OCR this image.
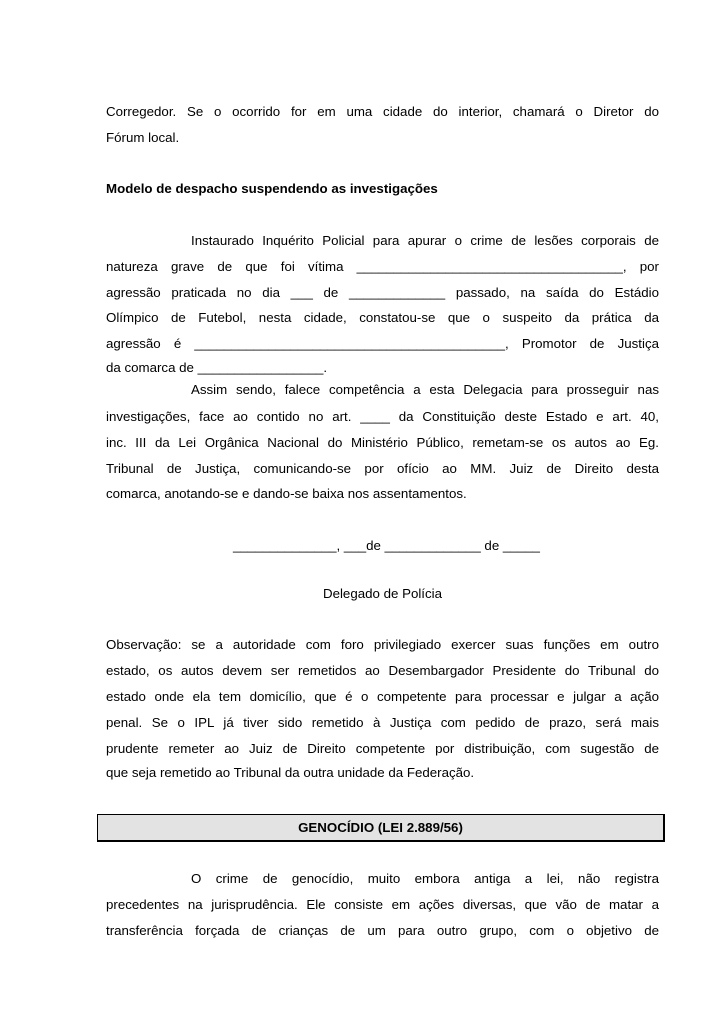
Corregedor. Se o ocorrido for em uma cidade do interior, chamará o Diretor do
Fórum local.
Modelo de despacho suspendendo as investigações
Instaurado Inquérito Policial para apurar o crime de lesões corporais de
natureza grave de que foi vítima ____________________________________, por
agressão praticada no dia ___ de _____________ passado, na saída do Estádio
Olímpico de Futebol, nesta cidade, constatou-se que o suspeito da prática da
agressão é __________________________________________, Promotor de Justiça
da comarca de _________________.
Assim sendo, falece competência a esta Delegacia para prosseguir nas
investigações, face ao contido no art. ____ da Constituição deste Estado e art. 40,
inc. III da Lei Orgânica Nacional do Ministério Público, remetam-se os autos ao Eg.
Tribunal de Justiça, comunicando-se por ofício ao MM. Juiz de Direito desta
comarca, anotando-se e dando-se baixa nos assentamentos.
______________, ___de _____________ de _____
Delegado de Polícia
Observação: se a autoridade com foro privilegiado exercer suas funções em outro
estado, os autos devem ser remetidos ao Desembargador Presidente do Tribunal do
estado onde ela tem domicílio, que é o competente para processar e julgar a ação
penal. Se o IPL já tiver sido remetido à Justiça com pedido de prazo, será mais
prudente remeter ao Juiz de Direito competente por distribuição, com sugestão de
que seja remetido ao Tribunal da outra unidade da Federação.
GENOCÍDIO (LEI 2.889/56)
O crime de genocídio, muito embora antiga a lei, não registra
precedentes na jurisprudência. Ele consiste em ações diversas, que vão de matar a
transferência forçada de crianças de um para outro grupo, com o objetivo de
